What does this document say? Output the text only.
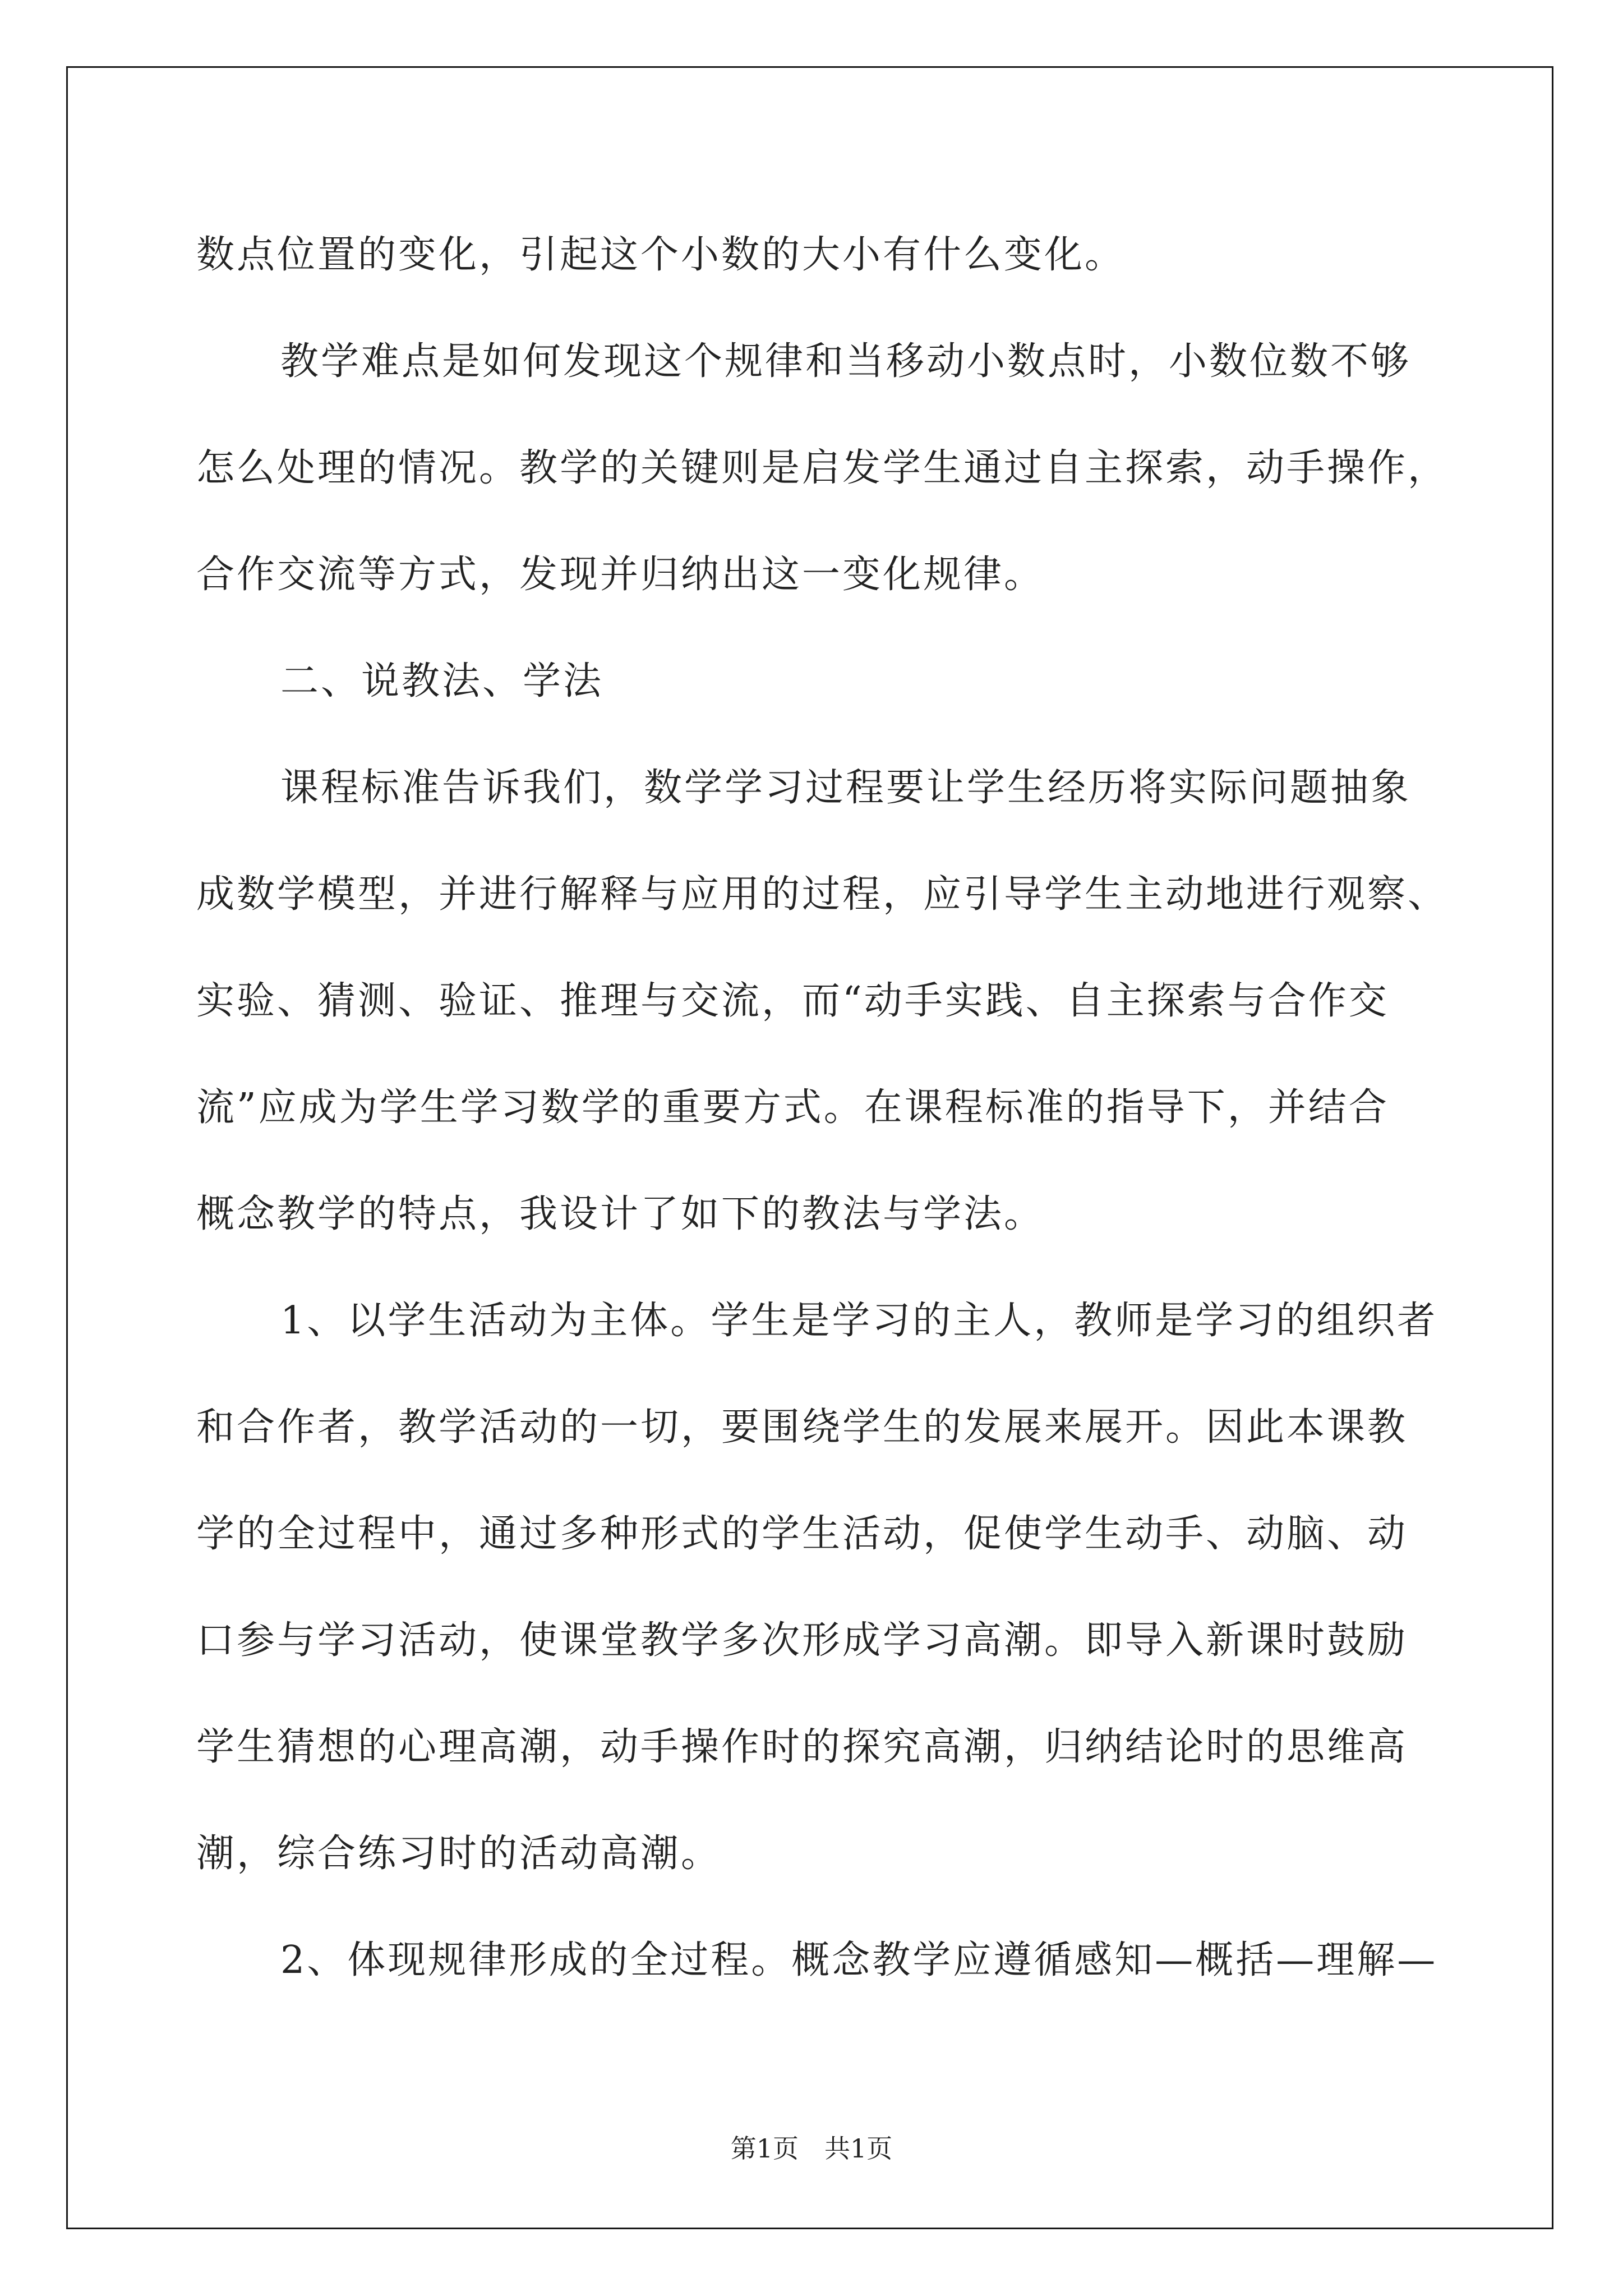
数点位置的变化，引起这个小数的大小有什么变化。

教学难点是如何发现这个规律和当移动小数点时，小数位数不够

怎么处理的情况。教学的关键则是启发学生通过自主探索，动手操作，

合作交流等方式，发现并归纳出这一变化规律。

二、说教法、学法

课程标准告诉我们，数学学习过程要让学生经历将实际问题抽象

成数学模型，并进行解释与应用的过程，应引导学生主动地进行观察、

实验、猜测、验证、推理与交流，而“动手实践、自主探索与合作交

流”应成为学生学习数学的重要方式。在课程标准的指导下，并结合

概念教学的特点，我设计了如下的教法与学法。

1、以学生活动为主体。学生是学习的主人，教师是学习的组织者

和合作者，教学活动的一切，要围绕学生的发展来展开。因此本课教

学的全过程中，通过多种形式的学生活动，促使学生动手、动脑、动

口参与学习活动，使课堂教学多次形成学习高潮。即导入新课时鼓励

学生猜想的心理高潮，动手操作时的探究高潮，归纳结论时的思维高

潮，综合练习时的活动高潮。

2、体现规律形成的全过程。概念教学应遵循感知—概括—理解—

第1页　共1页
